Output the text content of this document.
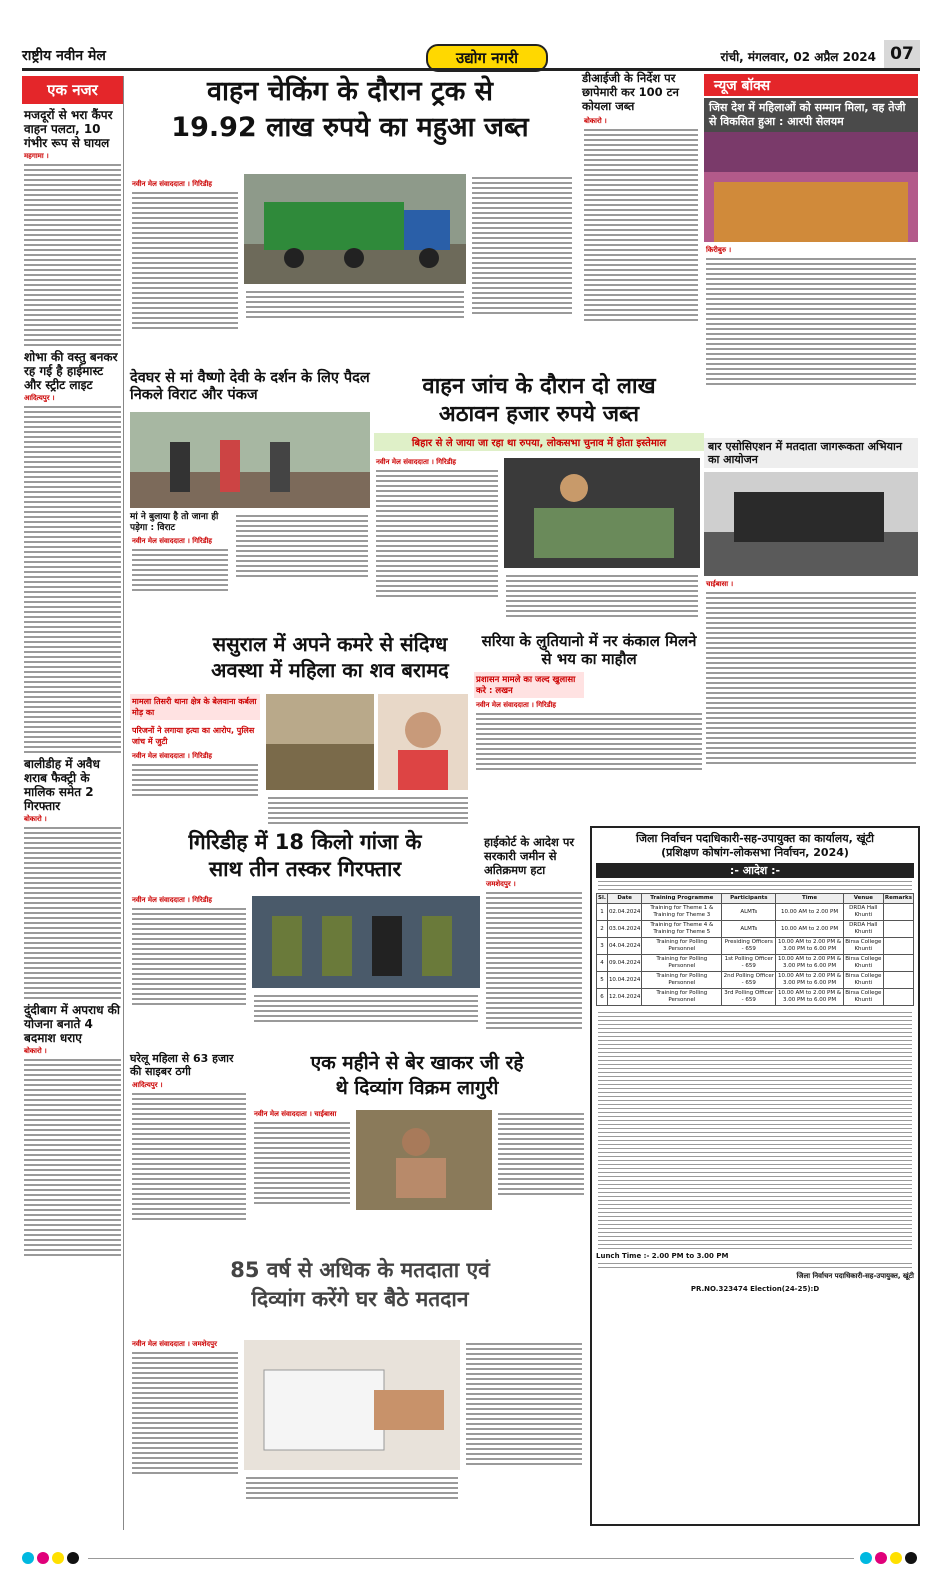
राष्ट्रीय नवीन मेल	उद्योग नगरी	रांची, मंगलवार, 02 अप्रैल 2024 07
एक नजर
मजदूरों से भरा कैंपर वाहन पलटा, 10 गंभीर रूप से घायल
महगामा ।
शोभा की वस्तु बनकर रह गई है हाईमास्ट और स्ट्रीट लाइट
आदित्यपुर ।
बालीडीह में अवैध शराब फैक्ट्री के मालिक समेत 2 गिरफ्तार
बोकारो ।
दुंदीबाग में अपराध की योजना बनाते 4 बदमाश धराए
बोकारो ।
वाहन चेकिंग के दौरान ट्रक से
19.92 लाख रुपये का महुआ जब्त
नवीन मेल संवाददाता । गिरिडीह
डीआईजी के निर्देश पर छापेमारी कर 100 टन कोयला जब्त
बोकारो ।
न्यूज बॉक्स
जिस देश में महिलाओं को सम्मान मिला, वह तेजी से विकसित हुआ : आरपी सेलयम
किरीबुरु ।
बार एसोसिएशन में मतदाता जागरूकता अभियान का आयोजन
चाईबासा ।
देवघर से मां वैष्णो देवी के दर्शन के लिए पैदल निकले विराट और पंकज
मां ने बुलाया है तो जाना ही पड़ेगा : विराट
नवीन मेल संवाददाता । गिरिडीह
वाहन जांच के दौरान दो लाख
अठावन हजार रुपये जब्त
बिहार से ले जाया जा रहा था रुपया, लोकसभा चुनाव में होता इस्तेमाल
नवीन मेल संवाददाता । गिरिडीह
ससुराल में अपने कमरे से संदिग्ध
अवस्था में महिला का शव बरामद
मामला तिसरी थाना क्षेत्र के बेलवाना कर्बला मोड़ का
परिजनों ने लगाया हत्या का आरोप, पुलिस जांच में जुटी
नवीन मेल संवाददाता । गिरिडीह
सरिया के लुतियानो में नर कंकाल मिलने से भय का माहौल
प्रशासन मामले का जल्द खुलासा करे : लखन
नवीन मेल संवाददाता । गिरिडीह
गिरिडीह में 18 किलो गांजा के
साथ तीन तस्कर गिरफ्तार
नवीन मेल संवाददाता । गिरिडीह
हाईकोर्ट के आदेश पर सरकारी जमीन से अतिक्रमण हटा
जमशेदपुर ।
घरेलू महिला से 63 हजार की साइबर ठगी
आदित्यपुर ।
एक महीने से बेर खाकर जी रहे
थे दिव्यांग विक्रम लागुरी
नवीन मेल संवाददाता । चाईबासा
85 वर्ष से अधिक के मतदाता एवं
दिव्यांग करेंगे घर बैठे मतदान
नवीन मेल संवाददाता । जमशेदपुर
जिला निर्वाचन पदाधिकारी-सह-उपायुक्त का कार्यालय, खूंटी
(प्रशिक्षण कोषांग-लोकसभा निर्वाचन, 2024)
:- आदेश :-
Sl.	Date	Training Programme	Participants	Time	Venue	Remarks
1	02.04.2024	Training for Theme 1 & Training for Theme 3	ALMTs	10.00 AM to 2.00 PM	DRDA Hall Khunti	
2	03.04.2024	Training for Theme 4 & Training for Theme 5	ALMTs	10.00 AM to 2.00 PM	DRDA Hall Khunti	
3	04.04.2024	Training for Polling Personnel	Presiding Officers - 659	10.00 AM to 2.00 PM & 3.00 PM to 6.00 PM	Birsa College Khunti	
4	09.04.2024	Training for Polling Personnel	1st Polling Officer - 659	10.00 AM to 2.00 PM & 3.00 PM to 6.00 PM	Birsa College Khunti	
5	10.04.2024	Training for Polling Personnel	2nd Polling Officer - 659	10.00 AM to 2.00 PM & 3.00 PM to 6.00 PM	Birsa College Khunti	
6	12.04.2024	Training for Polling Personnel	3rd Polling Officer - 659	10.00 AM to 2.00 PM & 3.00 PM to 6.00 PM	Birsa College Khunti	
Lunch Time :- 2.00 PM to 3.00 PM
जिला निर्वाचन पदाधिकारी-सह-उपायुक्त, खूंटी
PR.NO.323474 Election(24-25):D
